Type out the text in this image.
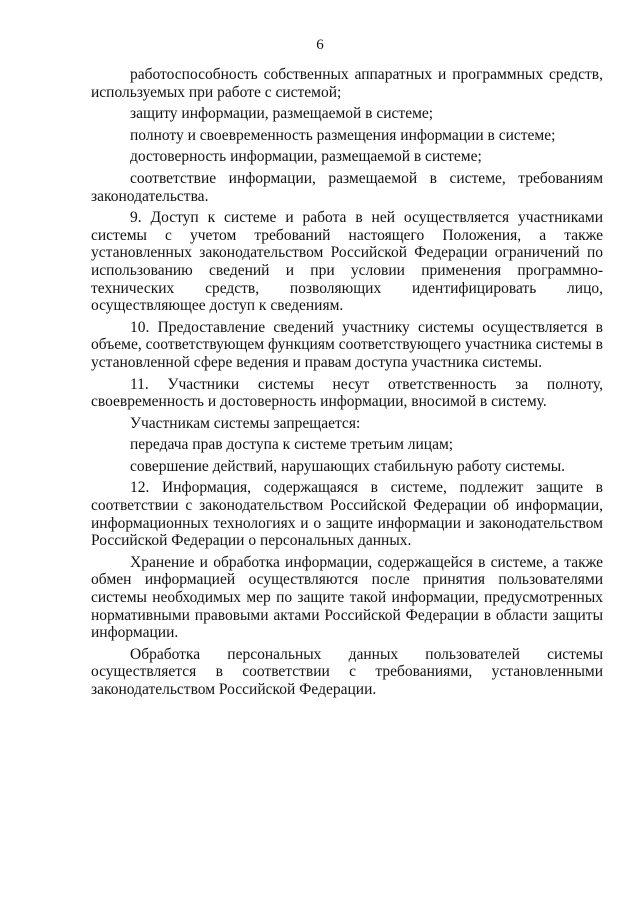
6

работоспособность собственных аппаратных и программных средств, используемых при работе с системой;

защиту информации, размещаемой в системе;

полноту и своевременность размещения информации в системе;

достоверность информации, размещаемой в системе;

соответствие информации, размещаемой в системе, требованиям законодательства.

9. Доступ к системе и работа в ней осуществляется участниками системы с учетом требований настоящего Положения, а также установленных законодательством Российской Федерации ограничений по использованию сведений и при условии применения программно-технических средств, позволяющих идентифицировать лицо, осуществляющее доступ к сведениям.

10. Предоставление сведений участнику системы осуществляется в объеме, соответствующем функциям соответствующего участника системы в установленной сфере ведения и правам доступа участника системы.

11. Участники системы несут ответственность за полноту, своевременность и достоверность информации, вносимой в систему.

Участникам системы запрещается:

передача прав доступа к системе третьим лицам;

совершение действий, нарушающих стабильную работу системы.

12. Информация, содержащаяся в системе, подлежит защите в соответствии с законодательством Российской Федерации об информации, информационных технологиях и о защите информации и законодательством Российской Федерации о персональных данных.

Хранение и обработка информации, содержащейся в системе, а также обмен информацией осуществляются после принятия пользователями системы необходимых мер по защите такой информации, предусмотренных нормативными правовыми актами Российской Федерации в области защиты информации.

Обработка персональных данных пользователей системы осуществляется в соответствии с требованиями, установленными законодательством Российской Федерации.
